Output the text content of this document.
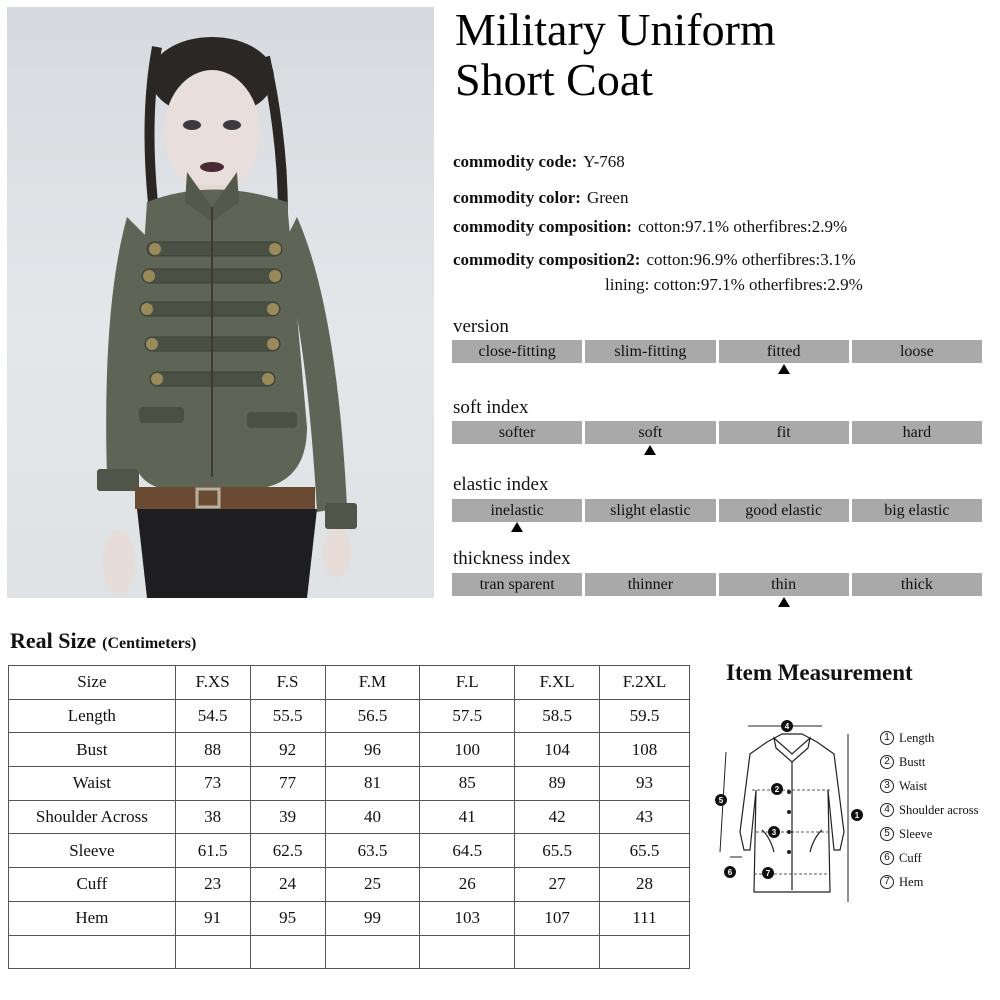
Military Uniform
Short Coat
commodity code: Y-768
commodity color: Green
commodity composition: cotton:97.1% otherfibres:2.9%
commodity composition2: cotton:96.9% otherfibres:3.1%
lining: cotton:97.1% otherfibres:2.9%
version
close-fitting	slim-fitting	fitted	loose
soft index
softer	soft	fit	hard
elastic index
inelastic	slight elastic	good elastic	big elastic
thickness index
tran sparent	thinner	thin	thick
Real Size (Centimeters)
Size	F.XS	F.S	F.M	F.L	F.XL	F.2XL
Length	54.5	55.5	56.5	57.5	58.5	59.5
Bust	88	92	96	100	104	108
Waist	73	77	81	85	89	93
Shoulder Across	38	39	40	41	42	43
Sleeve	61.5	62.5	63.5	64.5	65.5	65.5
Cuff	23	24	25	26	27	28
Hem	91	95	99	103	107	111

Item Measurement
4
1
5
2
3
6	7
1 Length
2 Bustt
3 Waist
4 Shoulder across
5 Sleeve
6 Cuff
7 Hem
